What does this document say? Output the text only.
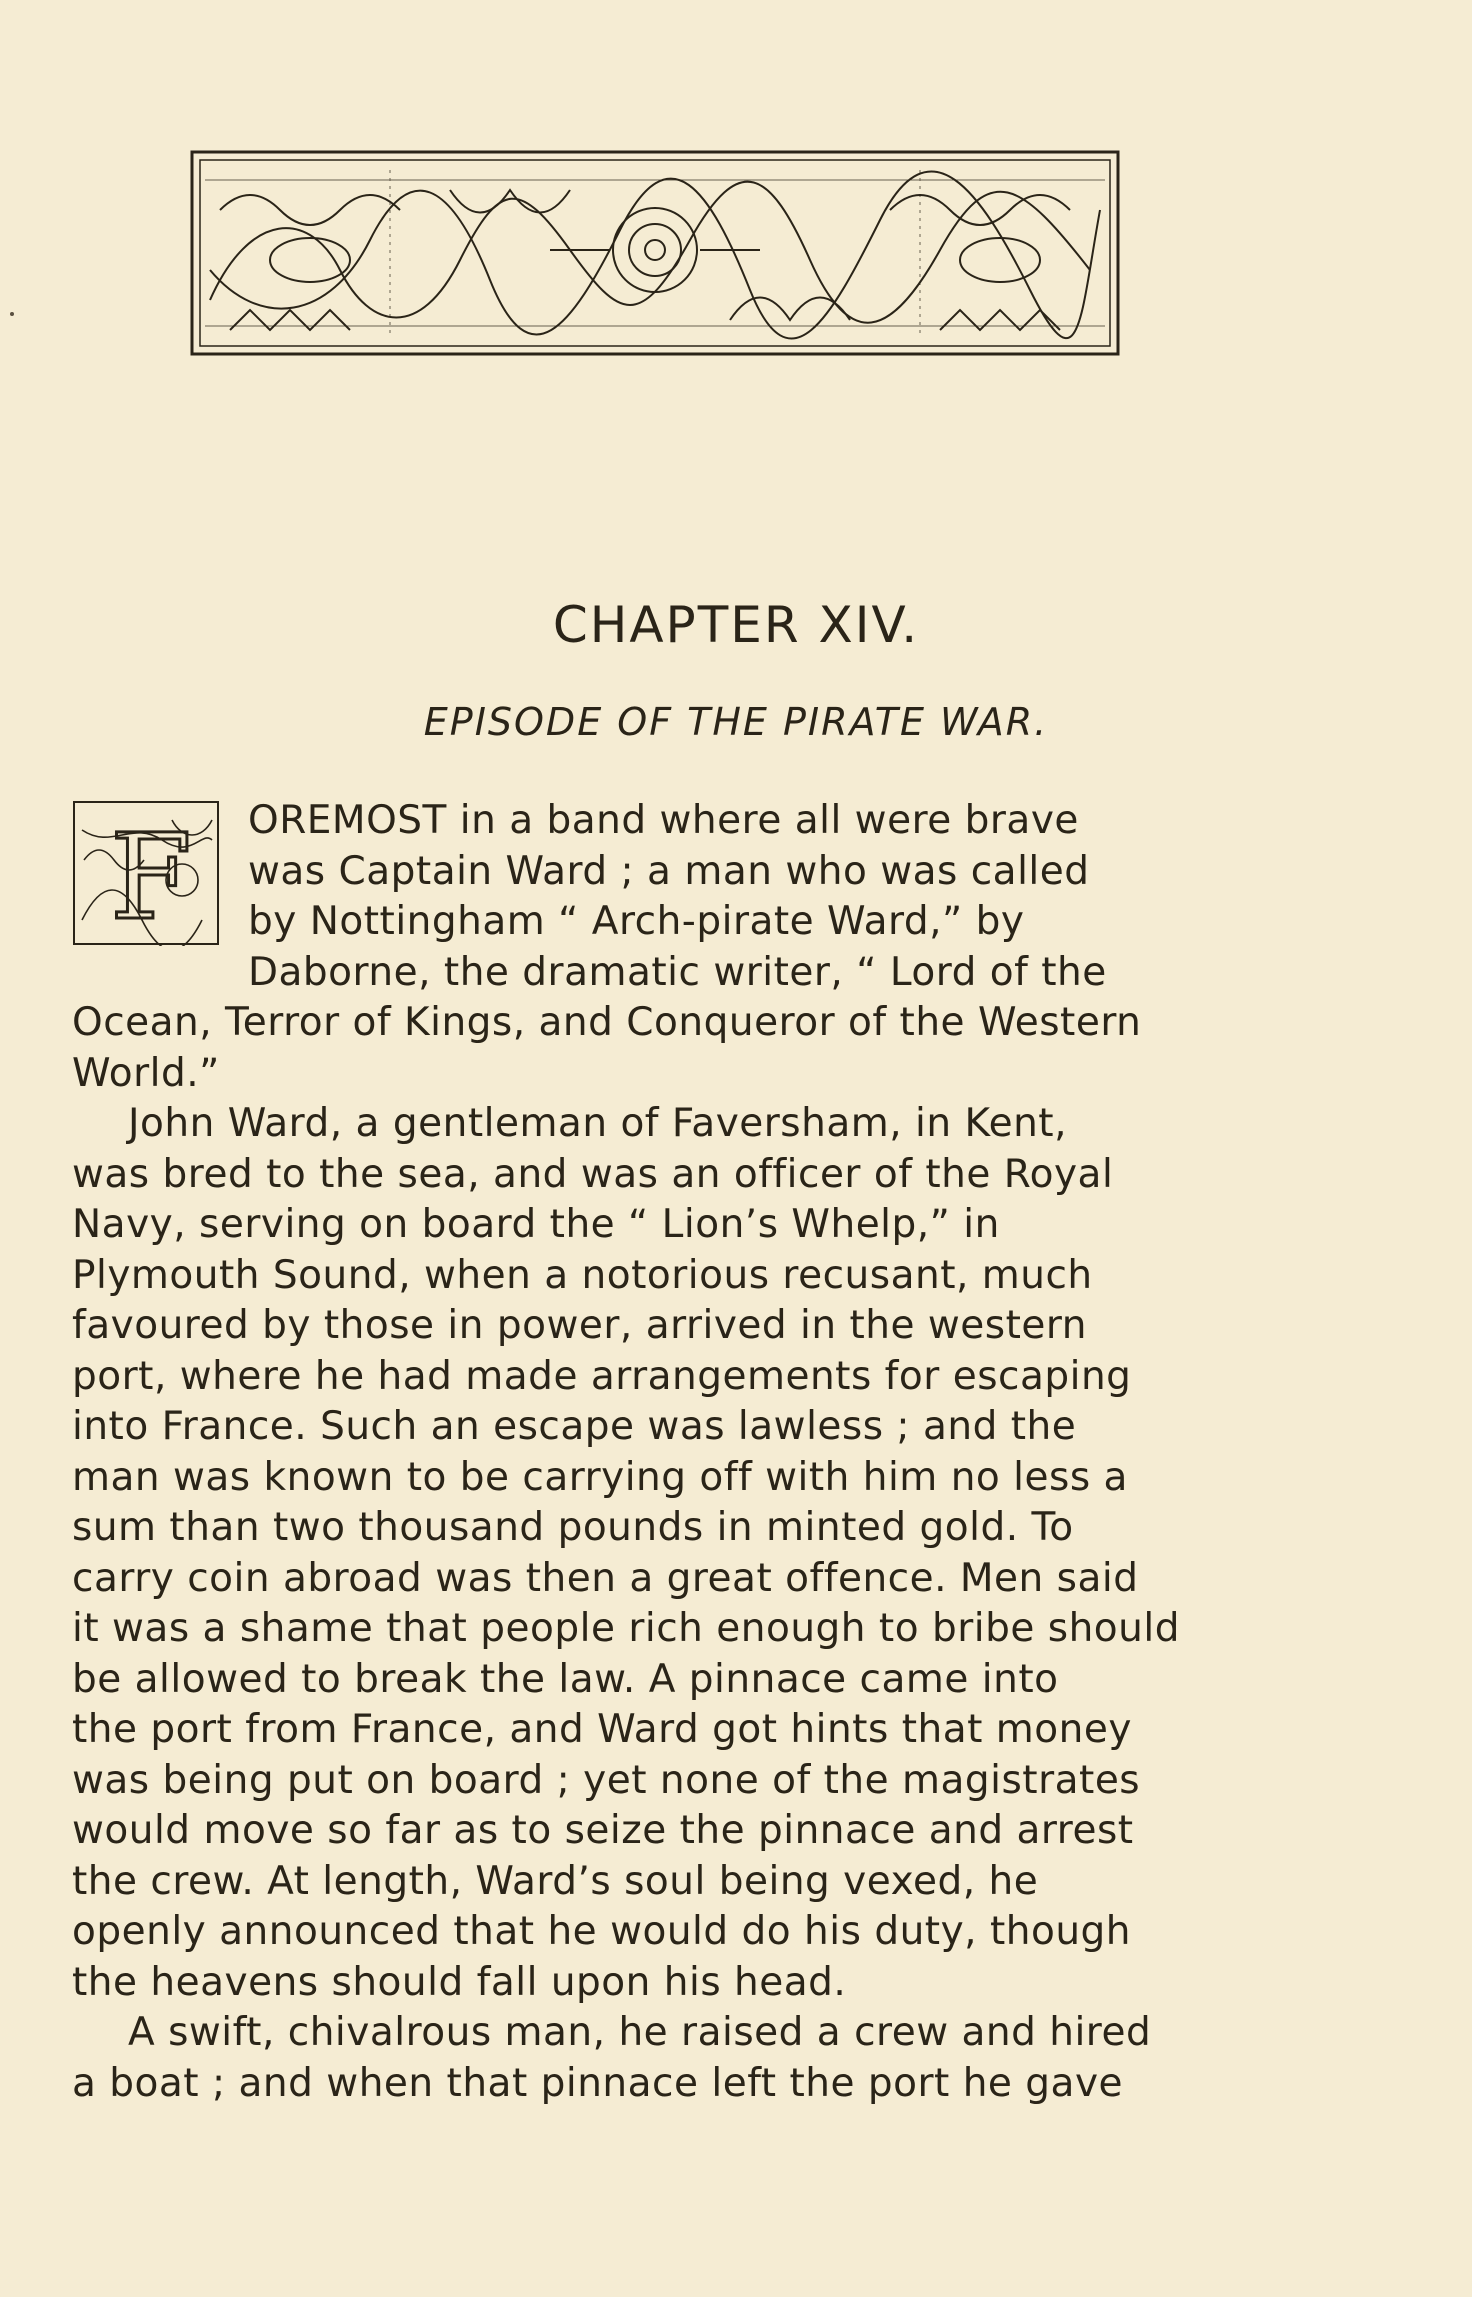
CHAPTER XIV.
EPISODE OF THE PIRATE WAR.
F OREMOST in a band where all were brave
was Captain Ward ; a man who was called
by Nottingham “ Arch-pirate Ward,” by
Daborne, the dramatic writer, “ Lord of the
Ocean, Terror of Kings, and Conqueror of the Western
World.”
John Ward, a gentleman of Faversham, in Kent,
was bred to the sea, and was an officer of the Royal
Navy, serving on board the “ Lion’s Whelp,” in
Plymouth Sound, when a notorious recusant, much
favoured by those in power, arrived in the western
port, where he had made arrangements for escaping
into France. Such an escape was lawless ; and the
man was known to be carrying off with him no less a
sum than two thousand pounds in minted gold. To
carry coin abroad was then a great offence. Men said
it was a shame that people rich enough to bribe should
be allowed to break the law. A pinnace came into
the port from France, and Ward got hints that money
was being put on board ; yet none of the magistrates
would move so far as to seize the pinnace and arrest
the crew. At length, Ward’s soul being vexed, he
openly announced that he would do his duty, though
the heavens should fall upon his head.
A swift, chivalrous man, he raised a crew and hired
a boat ; and when that pinnace left the port he gave
